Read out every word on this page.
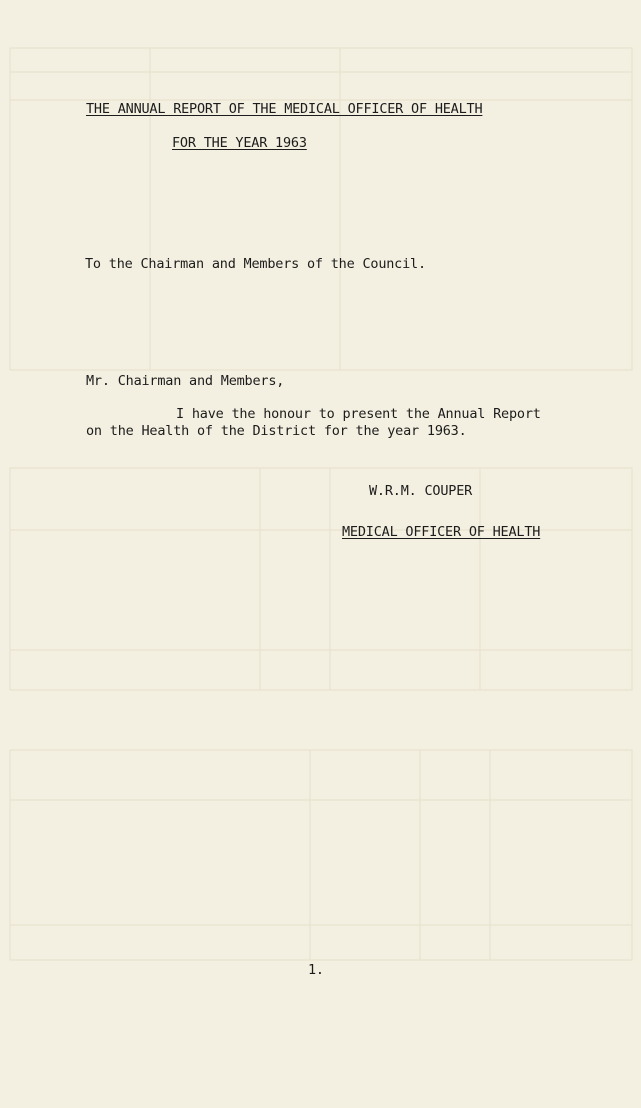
THE ANNUAL REPORT OF THE MEDICAL OFFICER OF HEALTH
FOR THE YEAR 1963
To the Chairman and Members of the Council.
Mr. Chairman and Members,
I have the honour to present the Annual Report
on the Health of the District for the year 1963.
W.R.M. COUPER
MEDICAL OFFICER OF HEALTH
1.
